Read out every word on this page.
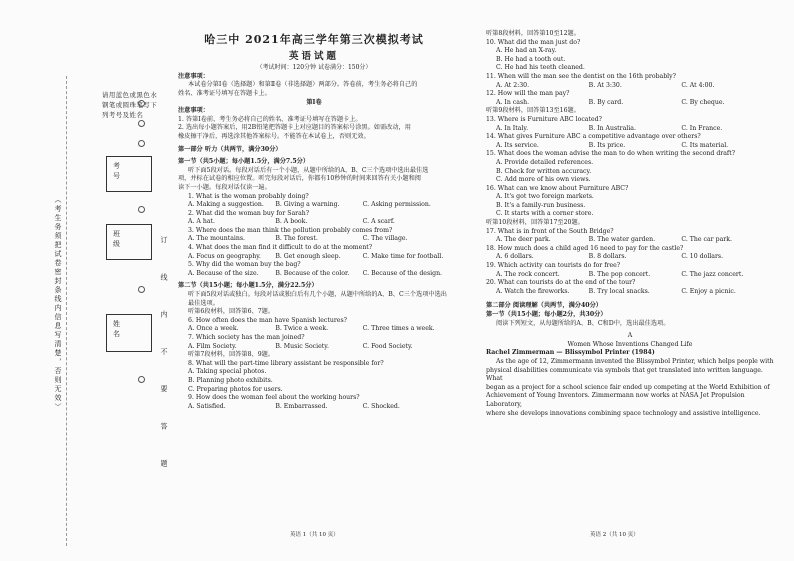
（考生务须把试卷密封条线内信息写清楚，否则无效）
请用蓝色或黑色水钢笔或圆珠笔写下列考号及姓名
考 号
班 级
姓 名	订 线 内 不 要 答 题
哈三中 2021年高三学年第三次模拟考试
英语试题
（考试时间：120分钟 试卷满分：150分）

注意事项：

本试卷分第Ⅰ卷（选择题）和第Ⅱ卷（非选择题）两部分。答卷前，考生务必将自己的

姓名、准考证号填写在答题卡上。

第Ⅰ卷

注意事项：

1. 答第Ⅰ卷前，考生务必将自己的姓名、准考证号填写在答题卡上。

2. 选出每小题答案后，用2B铅笔把答题卡上对应题目的答案标号涂黑。如需改动，用

橡皮擦干净后，再选涂其他答案标号。不能答在本试卷上，否则无效。

第一部分 听力（共两节，满分30分）

第一节（共5小题；每小题1.5分，满分7.5分）

听下面5段对话。每段对话后有一个小题，从题中所给的A、B、C三个选项中选出最佳选

项，并标在试卷的相应位置。听完每段对话后，你都有10秒钟的时间来回答有关小题和阅

读下一小题。每段对话仅读一遍。

1. What is the woman probably doing?

A. Making a suggestion.	B. Giving a warning.	C. Asking permission.

2. What did the woman buy for Sarah?

A. A hat.	B. A book.	C. A scarf.

3. Where does the man think the pollution probably comes from?

A. The mountains.	B. The forest.	C. The village.

4. What does the man find it difficult to do at the moment?

A. Focus on geography.	B. Get enough sleep.	C. Make time for football.

5. Why did the woman buy the bag?

A. Because of the size.	B. Because of the color.	C. Because of the design.

第二节（共15小题；每小题1.5分，满分22.5分）

听下面5段对话或独白。每段对话或独白后有几个小题，从题中所给的A、B、C三个选项中选出最佳选项。

听第6段材料，回答第6、7题。

6. How often does the man have Spanish lectures?

A. Once a week.	B. Twice a week.	C. Three times a week.

7. Which society has the man joined?

A. Film Society.	B. Music Society.	C. Food Society.

听第7段材料，回答第8、9题。

8. What will the part-time library assistant be responsible for?

A. Taking special photos.

B. Planning photo exhibits.

C. Preparing photos for users.

9. How does the woman feel about the working hours?

A. Satisfied.	B. Embarrassed.	C. Shocked.
英语 1（共 10 页）

听第8段材料，回答第10至12题。

10. What did the man just do?

A. He had an X-ray.

B. He had a tooth out.

C. He had his teeth cleaned.

11. When will the man see the dentist on the 16th probably?

A. At 2:30.	B. At 3:30.	C. At 4:00.

12. How will the man pay?

A. In cash.	B. By card.	C. By cheque.

听第9段材料，回答第13至16题。

13. Where is Furniture ABC located?

A. In Italy.	B. In Australia.	C. In France.

14. What gives Furniture ABC a competitive advantage over others?

A. Its service.	B. Its price.	C. Its material.

15. What does the woman advise the man to do when writing the second draft?

A. Provide detailed references.

B. Check for written accuracy.

C. Add more of his own views.

16. What can we know about Furniture ABC?

A. It's got two foreign markets.

B. It's a family-run business.

C. It starts with a corner store.

听第10段材料，回答第17至20题。

17. What is in front of the South Bridge?

A. The deer park.	B. The water garden.	C. The car park.

18. How much does a child aged 16 need to pay for the castle?

A. 6 dollars.	B. 8 dollars.	C. 10 dollars.

19. Which activity can tourists do for free?

A. The rock concert.	B. The pop concert.	C. The jazz concert.

20. What can tourists do at the end of the tour?

A. Watch the fireworks.	B. Try local snacks.	C. Enjoy a picnic.

第二部分 阅读理解（共两节，满分40分）

第一节（共15小题；每小题2分，共30分）

阅读下列短文，从每题所给的A、B、C和D中，选出最佳选项。

A

Women Whose Inventions Changed Life

Rachel Zimmerman — Blissymbol Printer (1984)

As the age of 12, Zimmermann invented the Blissymbol Printer, which helps people with

physical disabilities communicate via symbols that get translated into written language. What

began as a project for a school science fair ended up competing at the World Exhibition of

Achievement of Young Inventors. Zimmermann now works at NASA Jet Propulsion Laboratory,

where she develops innovations combining space technology and assistive intelligence.

英语 2（共 10 页）
